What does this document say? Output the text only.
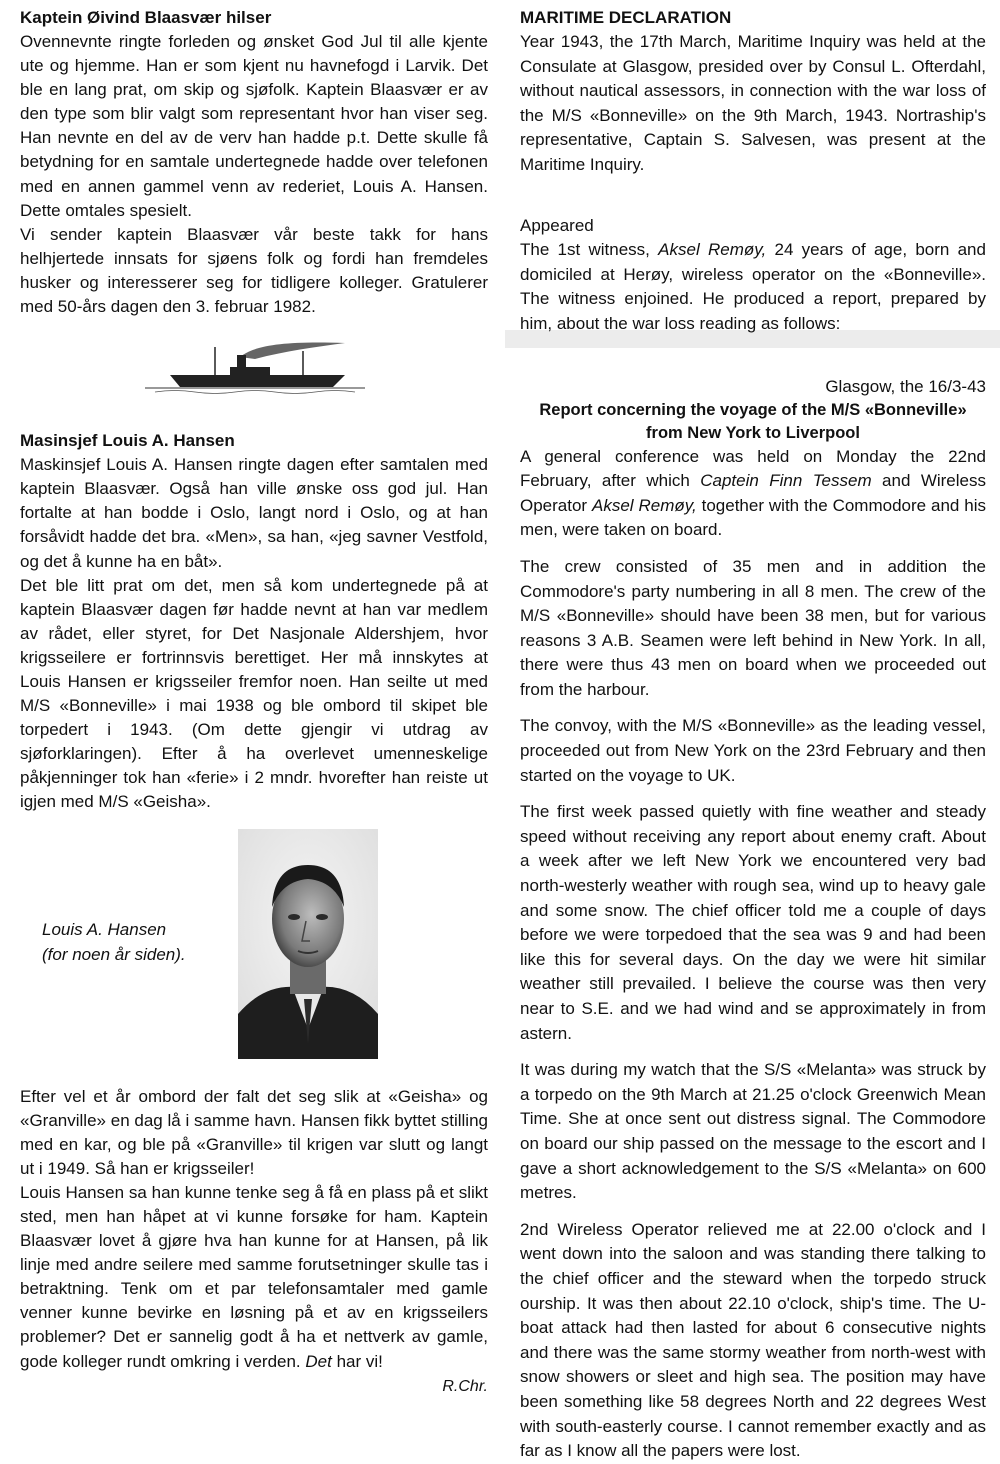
Kaptein Øivind Blaasvær hilser

Ovennevnte ringte forleden og ønsket God Jul til alle kjente ute og hjemme. Han er som kjent nu havnefogd i Larvik. Det ble en lang prat, om skip og sjøfolk. Kaptein Blaasvær er av den type som blir valgt som representant hvor han viser seg. Han nevnte en del av de verv han hadde p.t. Dette skulle få betydning for en samtale undertegnede hadde over telefonen med en annen gammel venn av rederiet, Louis A. Hansen. Dette omtales spesielt.

Vi sender kaptein Blaasvær vår beste takk for hans helhjertede innsats for sjøens folk og fordi han fremdeles husker og interesserer seg for tidligere kolleger. Gratulerer med 50-års dagen den 3. februar 1982.

Masinsjef Louis A. Hansen

Maskinsjef Louis A. Hansen ringte dagen efter samtalen med kaptein Blaasvær. Også han ville ønske oss god jul. Han fortalte at han bodde i Oslo, langt nord i Oslo, og at han forsåvidt hadde det bra. «Men», sa han, «jeg savner Vestfold, og det å kunne ha en båt».

Det ble litt prat om det, men så kom undertegnede på at kaptein Blaasvær dagen før hadde nevnt at han var medlem av rådet, eller styret, for Det Nasjonale Aldershjem, hvor krigsseilere er fortrinnsvis berettiget. Her må innskytes at Louis Hansen er krigsseiler fremfor noen. Han seilte ut med M/S «Bonneville» i mai 1938 og ble ombord til skipet ble torpedert i 1943. (Om dette gjengir vi utdrag av sjøforklaringen). Efter å ha overlevet umenneskelige påkjenninger tok han «ferie» i 2 mndr. hvorefter han reiste ut igjen med M/S «Geisha».

Louis A. Hansen
(for noen år siden).

Efter vel et år ombord der falt det seg slik at «Geisha» og «Granville» en dag lå i samme havn. Hansen fikk byttet stilling med en kar, og ble på «Granville» til krigen var slutt og langt ut i 1949. Så han er krigsseiler!

Louis Hansen sa han kunne tenke seg å få en plass på et slikt sted, men han håpet at vi kunne forsøke for ham. Kaptein Blaasvær lovet å gjøre hva han kunne for at Hansen, på lik linje med andre seilere med samme forutsetninger skulle tas i betraktning. Tenk om et par telefonsamtaler med gamle venner kunne bevirke en løsning på et av en krigsseilers problemer? Det er sannelig godt å ha et nettverk av gamle, gode kolleger rundt omkring i verden. Det har vi!

R.Chr.
MARITIME DECLARATION

Year 1943, the 17th March, Maritime Inquiry was held at the Consulate at Glasgow, presided over by Consul L. Ofterdahl, without nautical assessors, in connection with the war loss of the M/S «Bonneville» on the 9th March, 1943. Nortraship's representative, Captain S. Salvesen, was present at the Maritime Inquiry.

Appeared

The 1st witness, Aksel Remøy, 24 years of age, born and domiciled at Herøy, wireless operator on the «Bonneville». The witness enjoined. He produced a report, prepared by him, about the war loss reading as follows:

Glasgow, the 16/3-43
Report concerning the voyage of the M/S «Bonneville»
from New York to Liverpool

A general conference was held on Monday the 22nd February, after which Captein Finn Tessem and Wireless Operator Aksel Remøy, together with the Commodore and his men, were taken on board.

The crew consisted of 35 men and in addition the Commodore's party numbering in all 8 men. The crew of the M/S «Bonneville» should have been 38 men, but for various reasons 3 A.B. Seamen were left behind in New York. In all, there were thus 43 men on board when we proceeded out from the harbour.

The convoy, with the M/S «Bonneville» as the leading vessel, proceeded out from New York on the 23rd February and then started on the voyage to UK.

The first week passed quietly with fine weather and steady speed without receiving any report about enemy craft. About a week after we left New York we encountered very bad north-westerly weather with rough sea, wind up to heavy gale and some snow. The chief officer told me a couple of days before we were torpedoed that the sea was 9 and had been like this for several days. On the day we were hit similar weather still prevailed. I believe the course was then very near to S.E. and we had wind and se approximately in from astern.

It was during my watch that the S/S «Melanta» was struck by a torpedo on the 9th March at 21.25 o'clock Greenwich Mean Time. She at once sent out distress signal. The Commodore on board our ship passed on the message to the escort and I gave a short acknowledgement to the S/S «Melanta» on 600 metres.

2nd Wireless Operator relieved me at 22.00 o'clock and I went down into the saloon and was standing there talking to the chief officer and the steward when the torpedo struck ourship. It was then about 22.10 o'clock, ship's time. The U-boat attack had then lasted for about 6 consecutive nights and there was the same stormy weather from north-west with snow showers or sleet and high sea. The position may have been something like 58 degrees North and 22 degrees West with south-easterly course. I cannot remember exactly and as far as I know all the papers were lost.
